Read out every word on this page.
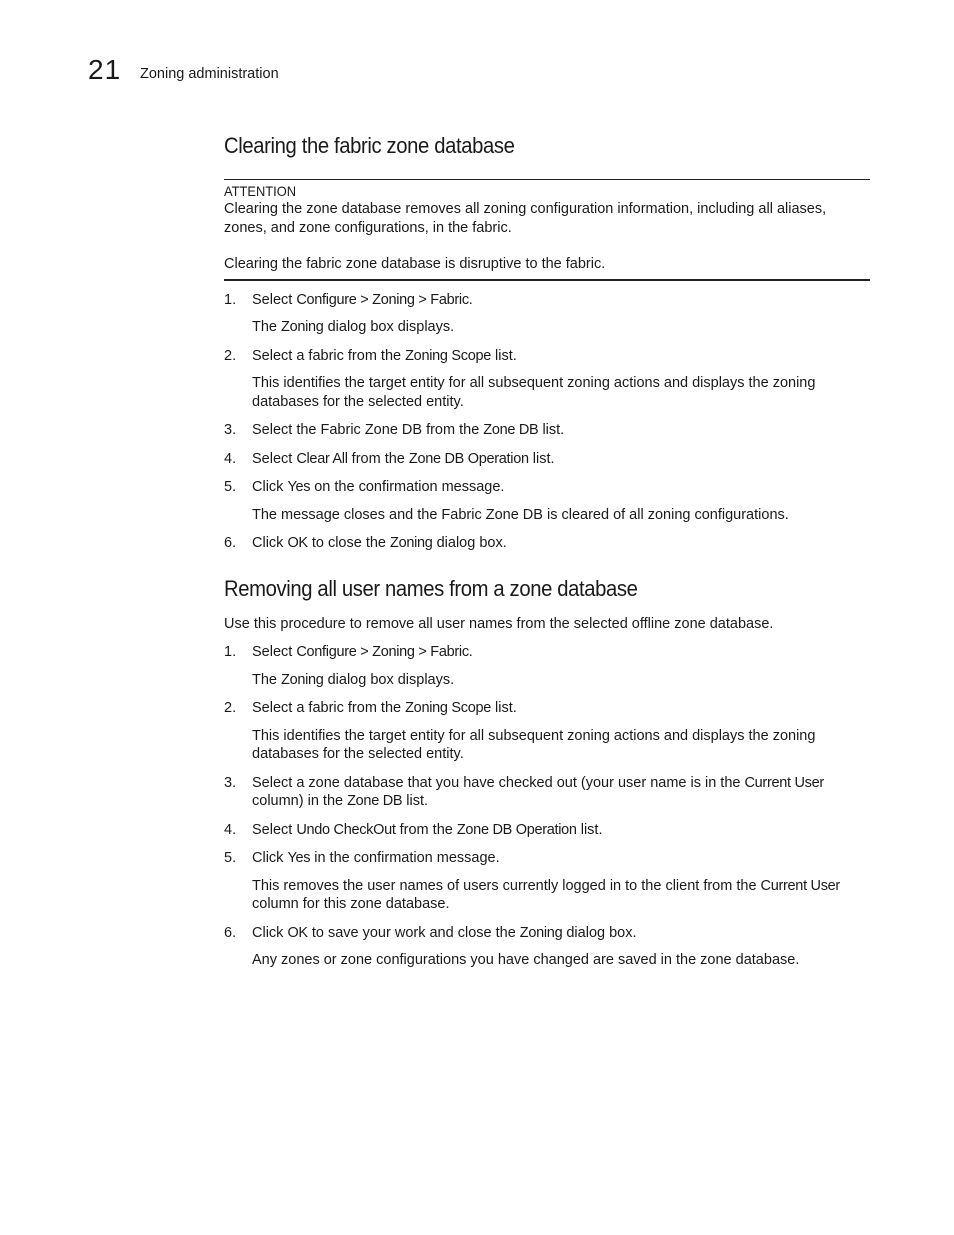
21 Zoning administration
Clearing the fabric zone database
ATTENTION

Clearing the zone database removes all zoning configuration information, including all aliases, zones, and zone configurations, in the fabric.

Clearing the fabric zone database is disruptive to the fabric.

1. Select Configure > Zoning > Fabric.

The Zoning dialog box displays.

2. Select a fabric from the Zoning Scope list.

This identifies the target entity for all subsequent zoning actions and displays the zoning databases for the selected entity.

3. Select the Fabric Zone DB from the Zone DB list.

4. Select Clear All from the Zone DB Operation list.

5. Click Yes on the confirmation message.

The message closes and the Fabric Zone DB is cleared of all zoning configurations.

6. Click OK to close the Zoning dialog box.

Removing all user names from a zone database

Use this procedure to remove all user names from the selected offline zone database.

1. Select Configure > Zoning > Fabric.

The Zoning dialog box displays.

2. Select a fabric from the Zoning Scope list.

This identifies the target entity for all subsequent zoning actions and displays the zoning databases for the selected entity.

3. Select a zone database that you have checked out (your user name is in the Current User column) in the Zone DB list.

4. Select Undo CheckOut from the Zone DB Operation list.

5. Click Yes in the confirmation message.

This removes the user names of users currently logged in to the client from the Current User column for this zone database.

6. Click OK to save your work and close the Zoning dialog box.

Any zones or zone configurations you have changed are saved in the zone database.
